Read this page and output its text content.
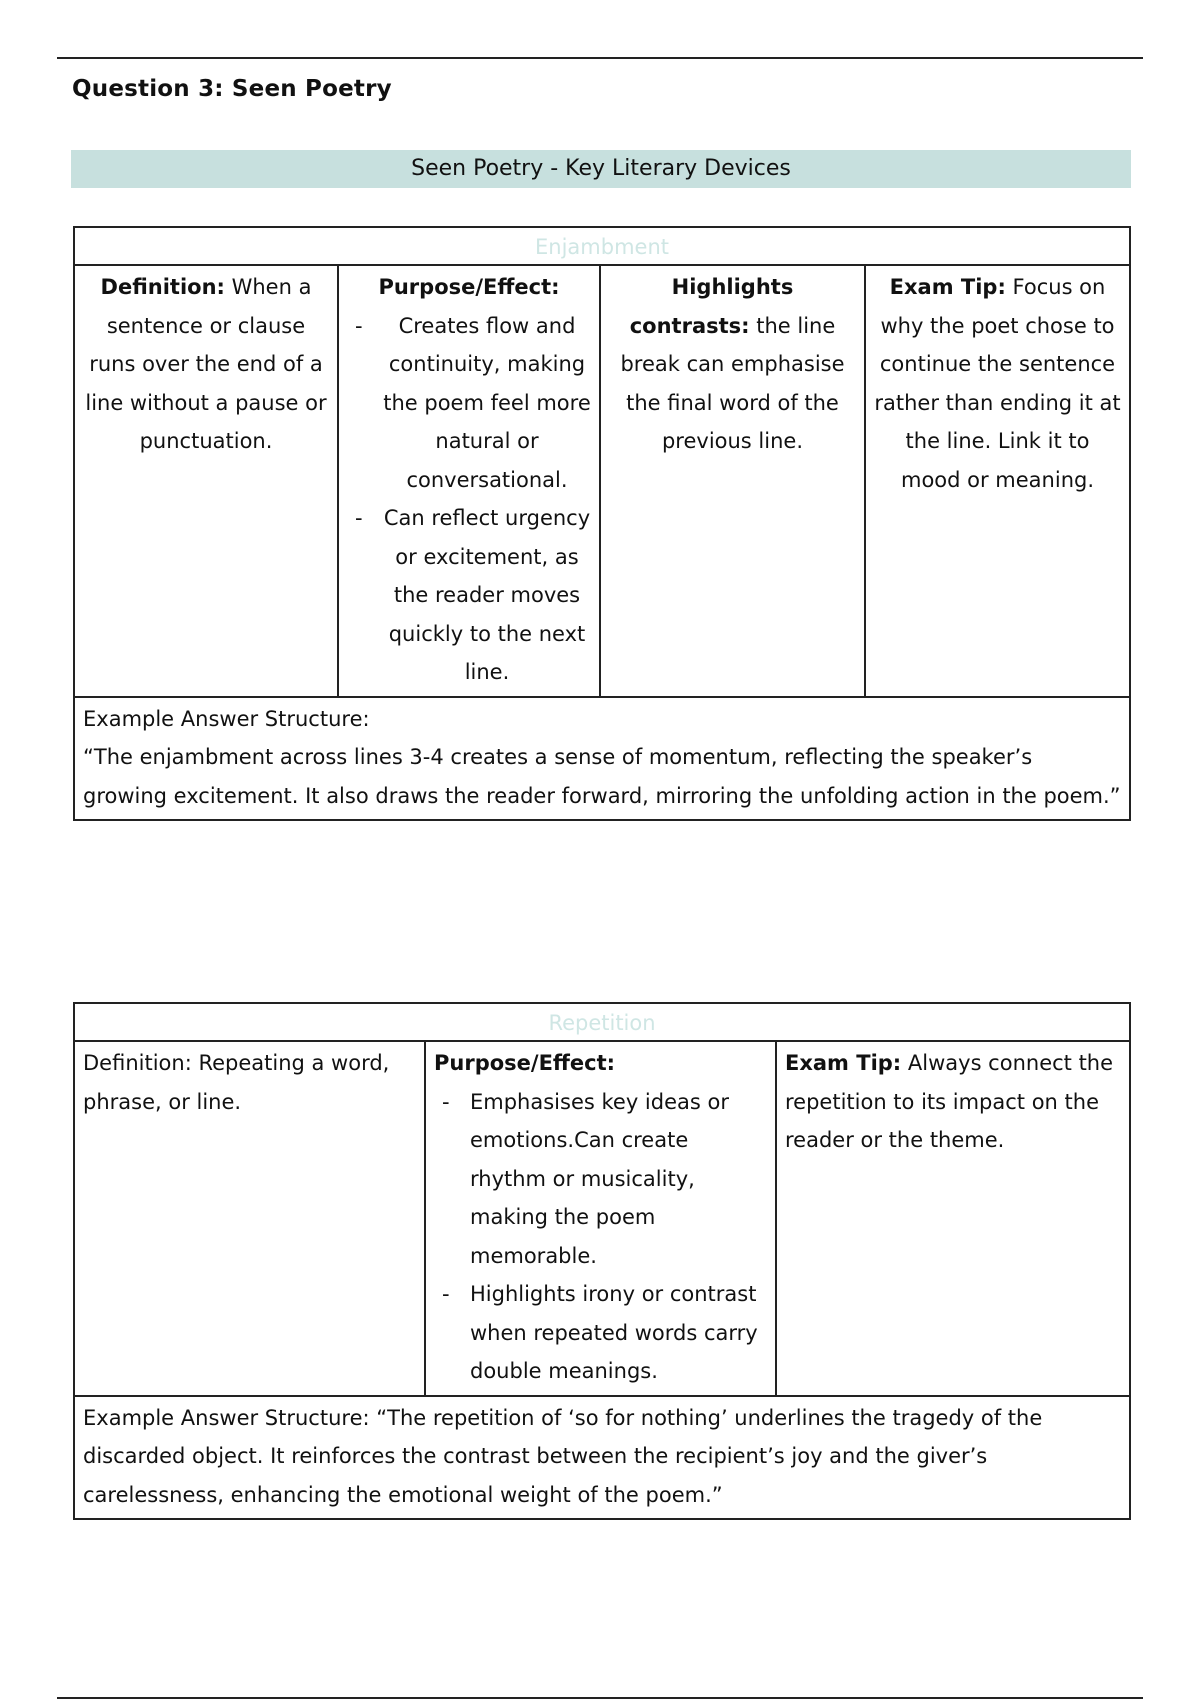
Question 3: Seen Poetry
Seen Poetry - Key Literary Devices
Enjambment
Definition: When a sentence or clause runs over the end of a line without a pause or punctuation.	Purpose/Effect:
- Creates flow and continuity, making the poem feel more natural or conversational.
- Can reflect urgency or excitement, as the reader moves quickly to the next line.
	Highlights contrasts: the line break can emphasise the final word of the previous line.	Exam Tip: Focus on why the poet chose to continue the sentence rather than ending it at the line. Link it to mood or meaning.

Example Answer Structure:
“The enjambment across lines 3-4 creates a sense of momentum, reflecting the speaker’s growing excitement. It also draws the reader forward, mirroring the unfolding action in the poem.”
Repetition
Definition: Repeating a word, phrase, or line.	Purpose/Effect:
- Emphasises key ideas or emotions.Can create rhythm or musicality, making the poem memorable.
- Highlights irony or contrast when repeated words carry double meanings.
	Exam Tip: Always connect the repetition to its impact on the reader or the theme.

Example Answer Structure: “The repetition of ‘so for nothing’ underlines the tragedy of the discarded object. It reinforces the contrast between the recipient’s joy and the giver’s carelessness, enhancing the emotional weight of the poem.”
